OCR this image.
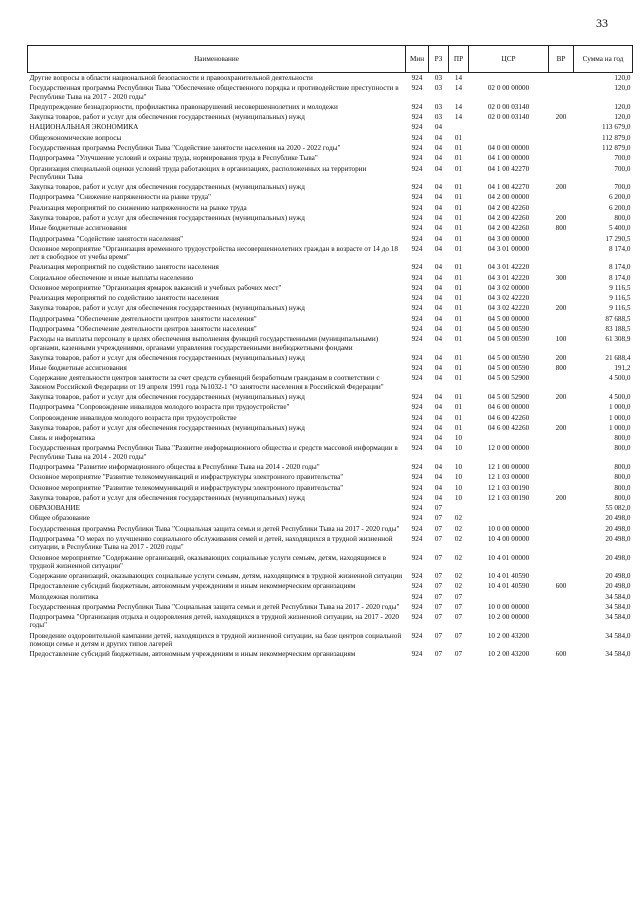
33
Наименование	Мин	РЗ	ПР	ЦСР	ВР	Сумма на год
Другие вопросы в области национальной безопасности и правоохранительной деятельности	924	03	14			120,0
Государственная программа Республики Тыва "Обеспечение общественного порядка и противодействие преступности в Республике Тыва на 2017 - 2020 годы"	924	03	14	02 0 00 00000		120,0
Предупреждение безнадзорности, профилактика правонарушений несовершеннолетних и молодежи	924	03	14	02 0 00 03140		120,0
Закупка товаров, работ и услуг для обеспечения государственных (муниципальных) нужд	924	03	14	02 0 00 03140	200	120,0
НАЦИОНАЛЬНАЯ ЭКОНОМИКА	924	04				113 679,0
Общеэкономические вопросы	924	04	01			112 879,0
Государственная программа Республики Тыва "Содействие занятости населения на 2020 - 2022 годы"	924	04	01	04 0 00 00000		112 879,0
Подпрограмма "Улучшение условий и охраны труда, нормирования труда в Республике Тыва"	924	04	01	04 1 00 00000		700,0
Организация специальной оценки условий труда работающих в организациях, расположенных на территории Республики Тыва	924	04	01	04 1 00 42270		700,0
Закупка товаров, работ и услуг для обеспечения государственных (муниципальных) нужд	924	04	01	04 1 00 42270	200	700,0
Подпрограмма "Снижение напряженности на рынке труда"	924	04	01	04 2 00 00000		6 200,0
Реализация мероприятий по снижению напряженности на рынке труда	924	04	01	04 2 00 42260		6 200,0
Закупка товаров, работ и услуг для обеспечения государственных (муниципальных) нужд	924	04	01	04 2 00 42260	200	800,0
Иные бюджетные ассигнования	924	04	01	04 2 00 42260	800	5 400,0
Подпрограмма "Содействие занятости населения"	924	04	01	04 3 00 00000		17 290,5
Основное мероприятие "Организация временного трудоустройства несовершеннолетних граждан в возрасте от 14 до 18 лет в свободное от учебы время"	924	04	01	04 3 01 00000		8 174,0
Реализация мероприятий по содействию занятости населения	924	04	01	04 3 01 42220		8 174,0
Социальное обеспечение и иные выплаты населению	924	04	01	04 3 01 42220	300	8 174,0
Основное мероприятие "Организация ярмарок вакансий и учебных рабочих мест"	924	04	01	04 3 02 00000		9 116,5
Реализация мероприятий по содействию занятости населения	924	04	01	04 3 02 42220		9 116,5
Закупка товаров, работ и услуг для обеспечения государственных (муниципальных) нужд	924	04	01	04 3 02 42220	200	9 116,5
Подпрограмма "Обеспечение деятельности центров занятости населения"	924	04	01	04 5 00 00000		87 688,5
Подпрограмма "Обеспечение деятельности центров занятости населения"	924	04	01	04 5 00 00590		83 188,5
Расходы на выплаты персоналу в целях обеспечения выполнения функций государственными (муниципальными) органами, казенными учреждениями, органами управления государственными внебюджетными фондами	924	04	01	04 5 00 00590	100	61 308,9
Закупка товаров, работ и услуг для обеспечения государственных (муниципальных) нужд	924	04	01	04 5 00 00590	200	21 688,4
Иные бюджетные ассигнования	924	04	01	04 5 00 00590	800	191,2
Содержание деятельности центров занятости за счет средств субвенций безработным гражданам в соответствии с Законом Российской Федерации от 19 апреля 1991 года №1032-1 "О занятости населения в Российской Федерации"	924	04	01	04 5 00 52900		4 500,0
Закупка товаров, работ и услуг для обеспечения государственных (муниципальных) нужд	924	04	01	04 5 00 52900	200	4 500,0
Подпрограмма "Сопровождение инвалидов молодого возраста при трудоустройстве"	924	04	01	04 6 00 00000		1 000,0
Сопровождение инвалидов молодого возраста при трудоустройстве	924	04	01	04 6 00 42260		1 000,0
Закупка товаров, работ и услуг для обеспечения государственных (муниципальных) нужд	924	04	01	04 6 00 42260	200	1 000,0
Связь и информатика	924	04	10			800,0
Государственная программа Республики Тыва "Развитие информационного общества и средств массовой информации в Республике Тыва на 2014 - 2020 годы"	924	04	10	12 0 00 00000		800,0
Подпрограмма "Развитие информационного общества в Республике Тыва на 2014 - 2020 годы"	924	04	10	12 1 00 00000		800,0
Основное мероприятие "Развитие телекоммуникаций и инфраструктуры электронного правительства"	924	04	10	12 1 03 00000		800,0
Основное мероприятие "Развитие телекоммуникаций и инфраструктуры электронного правительства"	924	04	10	12 1 03 00190		800,0
Закупка товаров, работ и услуг для обеспечения государственных (муниципальных) нужд	924	04	10	12 1 03 00190	200	800,0
ОБРАЗОВАНИЕ	924	07				55 082,0
Общее образование	924	07	02			20 498,0
Государственная программа Республики Тыва "Социальная защита семьи и детей Республики Тыва на 2017 - 2020 годы"	924	07	02	10 0 00 00000		20 498,0
Подпрограмма "О мерах по улучшению социального обслуживания семей и детей, находящихся в трудной жизненной ситуации, в Республике Тыва на 2017 - 2020 годы"	924	07	02	10 4 00 00000		20 498,0
Основное мероприятие "Содержание организаций, оказывающих социальные услуги семьям, детям, находящимся в трудной жизненной ситуации"	924	07	02	10 4 01 00000		20 498,0
Содержание организаций, оказывающих социальные услуги семьям, детям, находящимся в трудной жизненной ситуации	924	07	02	10 4 01 40590		20 498,0
Предоставление субсидий бюджетным, автономным учреждениям и иным некоммерческим организациям	924	07	02	10 4 01 40590	600	20 498,0
Молодежная политика	924	07	07			34 584,0
Государственная программа Республики Тыва "Социальная защита семьи и детей Республики Тыва на 2017 - 2020 годы"	924	07	07	10 0 00 00000		34 584,0
Подпрограмма "Организация отдыха и оздоровления детей, находящихся в трудной жизненной ситуации, на 2017 - 2020 годы"	924	07	07	10 2 00 00000		34 584,0
Проведение оздоровительной кампании детей, находящихся в трудной жизненной ситуации, на базе центров социальной помощи семье и детям и других типов лагерей	924	07	07	10 2 00 43200		34 584,0
Предоставление субсидий бюджетным, автономным учреждениям и иным некоммерческим организациям	924	07	07	10 2 00 43200	600	34 584,0
